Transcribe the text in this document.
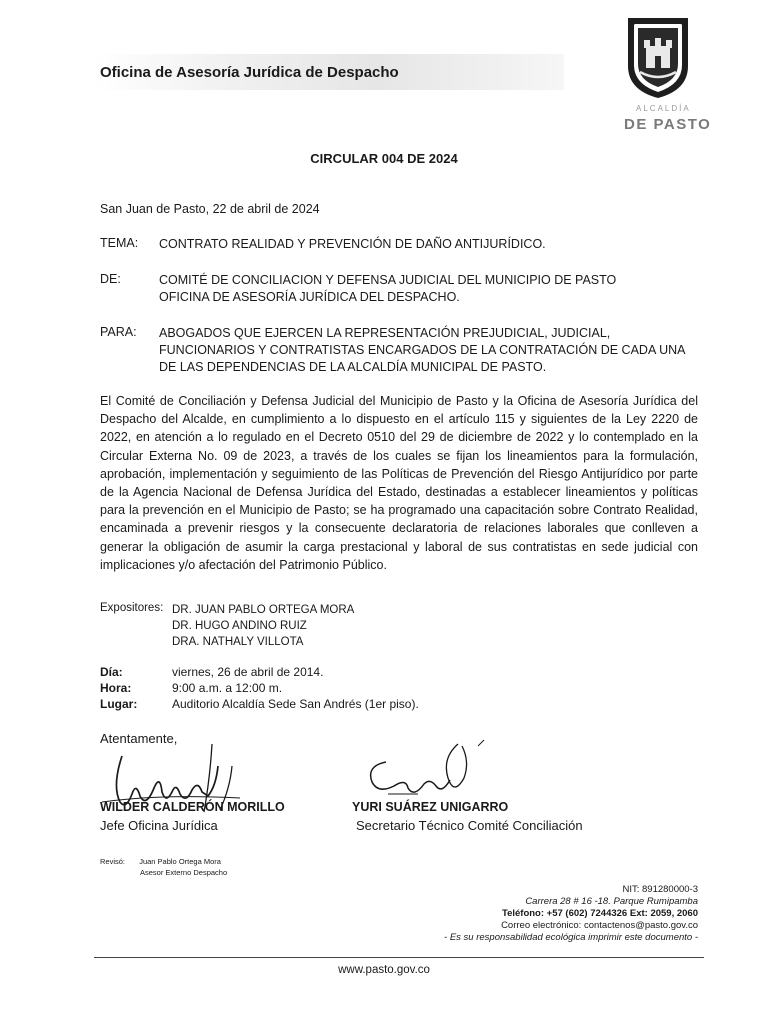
Oficina de Asesoría Jurídica de Despacho
ALCALDÍA
DE PASTO
CIRCULAR 004 DE 2024
San Juan de Pasto, 22 de abril de 2024
TEMA: CONTRATO REALIDAD Y PREVENCIÓN DE DAÑO ANTIJURÍDICO.
DE:	COMITÉ DE CONCILIACION Y DEFENSA JUDICIAL DEL MUNICIPIO DE PASTO
OFICINA DE ASESORÍA JURÍDICA DEL DESPACHO.
PARA: ABOGADOS QUE EJERCEN LA REPRESENTACIÓN PREJUDICIAL, JUDICIAL,
FUNCIONARIOS Y CONTRATISTAS ENCARGADOS DE LA CONTRATACIÓN DE CADA UNA
DE LAS DEPENDENCIAS DE LA ALCALDÍA MUNICIPAL DE PASTO.

El Comité de Conciliación y Defensa Judicial del Municipio de Pasto y la Oficina de Asesoría Jurídica del Despacho del Alcalde, en cumplimiento a lo dispuesto en el artículo 115 y siguientes de la Ley 2220 de 2022, en atención a lo regulado en el Decreto 0510 del 29 de diciembre de 2022 y lo contemplado en la Circular Externa No. 09 de 2023, a través de los cuales se fijan los lineamientos para la formulación, aprobación, implementación y seguimiento de las Políticas de Prevención del Riesgo Antijurídico por parte de la Agencia Nacional de Defensa Jurídica del Estado, destinadas a establecer lineamientos y políticas para la prevención en el Municipio de Pasto; se ha programado una capacitación sobre Contrato Realidad, encaminada a prevenir riesgos y la consecuente declaratoria de relaciones laborales que conlleven a generar la obligación de asumir la carga prestacional y laboral de sus contratistas en sede judicial con implicaciones y/o afectación del Patrimonio Público.

Expositores: DR. JUAN PABLO ORTEGA MORA
DR. HUGO ANDINO RUIZ
DRA. NATHALY VILLOTA
Día:	viernes, 26 de abril de 2014.
Hora:	9:00 a.m. a 12:00 m.
Lugar:	Auditorio Alcaldía Sede San Andrés (1er piso).
Atentamente,
WILDER CALDERÓN MORILLO
Jefe Oficina Jurídica
YURI SUÁREZ UNIGARRO
Secretario Técnico Comité Conciliación
Revisó: Juan Pablo Ortega Mora
Asesor Externo Despacho
NIT: 891280000-3
Carrera 28 # 16 -18. Parque Rumipamba
Teléfono: +57 (602) 7244326 Ext: 2059, 2060
Correo electrónico: contactenos@pasto.gov.co
- Es su responsabilidad ecológica imprimir este documento -
www.pasto.gov.co
